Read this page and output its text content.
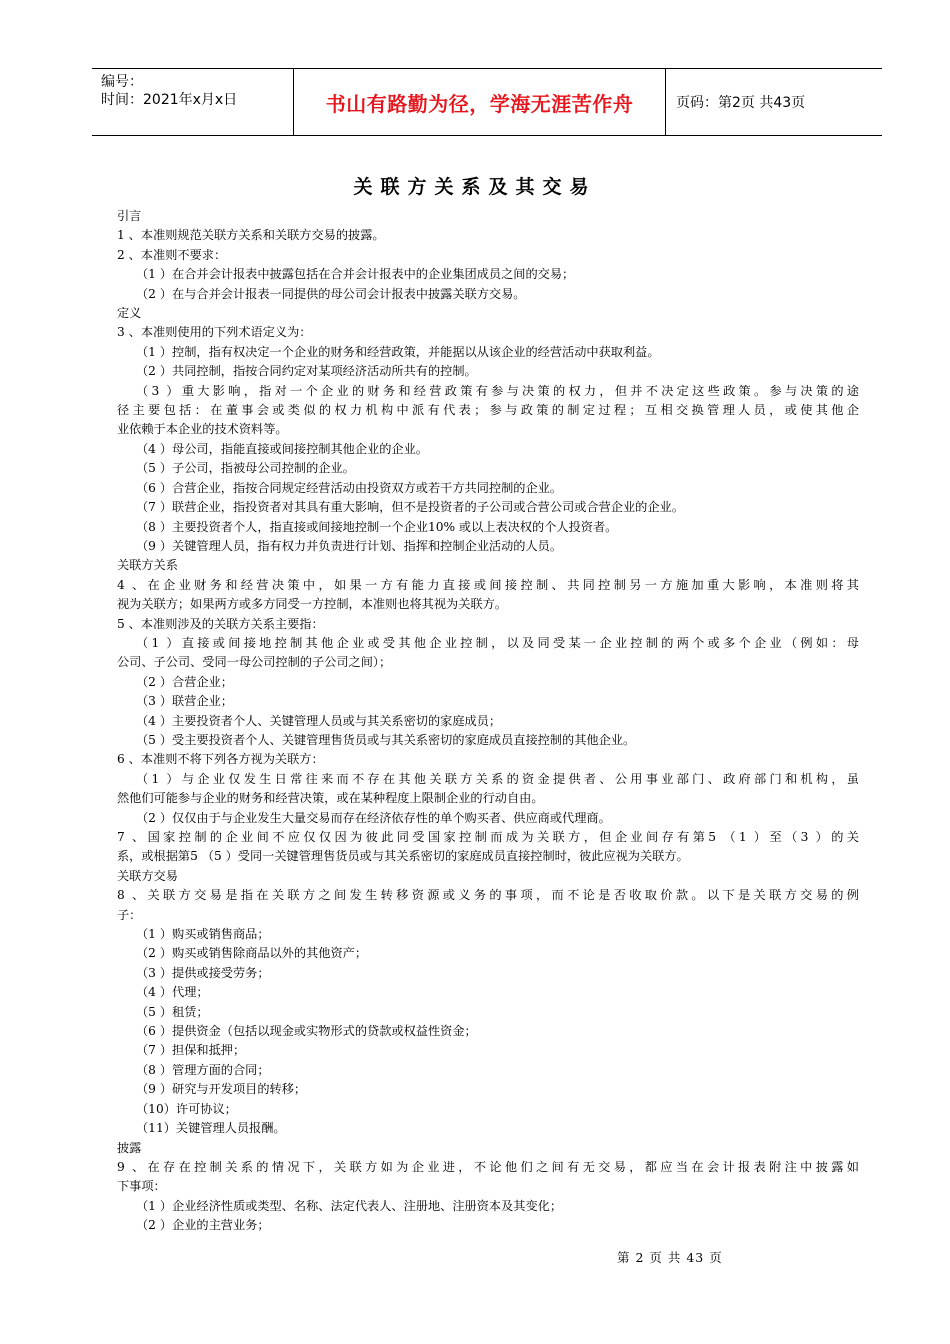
编号：
时间：2021年x月x日	书山有路勤为径，学海无涯苦作舟	页码：第2页 共43页
关联方关系及其交易
引言
1 、本准则规范关联方关系和关联方交易的披露。
2 、本准则不要求：
（1 ）在合并会计报表中披露包括在合并会计报表中的企业集团成员之间的交易；
（2 ）在与合并会计报表一同提供的母公司会计报表中披露关联方交易。
定义
3 、本准则使用的下列术语定义为：
（1 ）控制，指有权决定一个企业的财务和经营政策，并能据以从该企业的经营活动中获取利益。
（2 ）共同控制，指按合同约定对某项经济活动所共有的控制。
（3 ）重大影响，指对一个企业的财务和经营政策有参与决策的权力，但并不决定这些政策。参与决策的途
径主要包括：在董事会或类似的权力机构中派有代表；参与政策的制定过程；互相交换管理人员，或使其他企
业依赖于本企业的技术资料等。
（4 ）母公司，指能直接或间接控制其他企业的企业。
（5 ）子公司，指被母公司控制的企业。
（6 ）合营企业，指按合同规定经营活动由投资双方或若干方共同控制的企业。
（7 ）联营企业，指投资者对其具有重大影响，但不是投资者的子公司或合营公司或合营企业的企业。
（8 ）主要投资者个人，指直接或间接地控制一个企业10% 或以上表决权的个人投资者。
（9 ）关键管理人员，指有权力并负责进行计划、指挥和控制企业活动的人员。
关联方关系
4 、在企业财务和经营决策中，如果一方有能力直接或间接控制、共同控制另一方施加重大影响，本准则将其
视为关联方；如果两方或多方同受一方控制，本准则也将其视为关联方。
5 、本准则涉及的关联方关系主要指：
（1 ）直接或间接地控制其他企业或受其他企业控制，以及同受某一企业控制的两个或多个企业（例如：母
公司、子公司、受同一母公司控制的子公司之间）；
（2 ）合营企业；
（3 ）联营企业；
（4 ）主要投资者个人、关键管理人员或与其关系密切的家庭成员；
（5 ）受主要投资者个人、关键管理售货员或与其关系密切的家庭成员直接控制的其他企业。
6 、本准则不将下列各方视为关联方：
（1 ）与企业仅发生日常往来而不存在其他关联方关系的资金提供者、公用事业部门、政府部门和机构，虽
然他们可能参与企业的财务和经营决策，或在某种程度上限制企业的行动自由。
（2 ）仅仅由于与企业发生大量交易而存在经济依存性的单个购买者、供应商或代理商。
7 、国家控制的企业间不应仅仅因为彼此同受国家控制而成为关联方，但企业间存有第5 （1 ）至（3 ）的关
系，或根据第5 （5 ）受同一关键管理售货员或与其关系密切的家庭成员直接控制时，彼此应视为关联方。
关联方交易
8 、关联方交易是指在关联方之间发生转移资源或义务的事项，而不论是否收取价款。以下是关联方交易的例
子：
（1 ）购买或销售商品；
（2 ）购买或销售除商品以外的其他资产；
（3 ）提供或接受劳务；
（4 ）代理；
（5 ）租赁；
（6 ）提供资金（包括以现金或实物形式的贷款或权益性资金；
（7 ）担保和抵押；
（8 ）管理方面的合同；
（9 ）研究与开发项目的转移；
（10）许可协议；
（11）关键管理人员报酬。
披露
9 、在存在控制关系的情况下，关联方如为企业进，不论他们之间有无交易，都应当在会计报表附注中披露如
下事项：
（1 ）企业经济性质或类型、名称、法定代表人、注册地、注册资本及其变化；
（2 ）企业的主营业务；
第 2 页 共 43 页
